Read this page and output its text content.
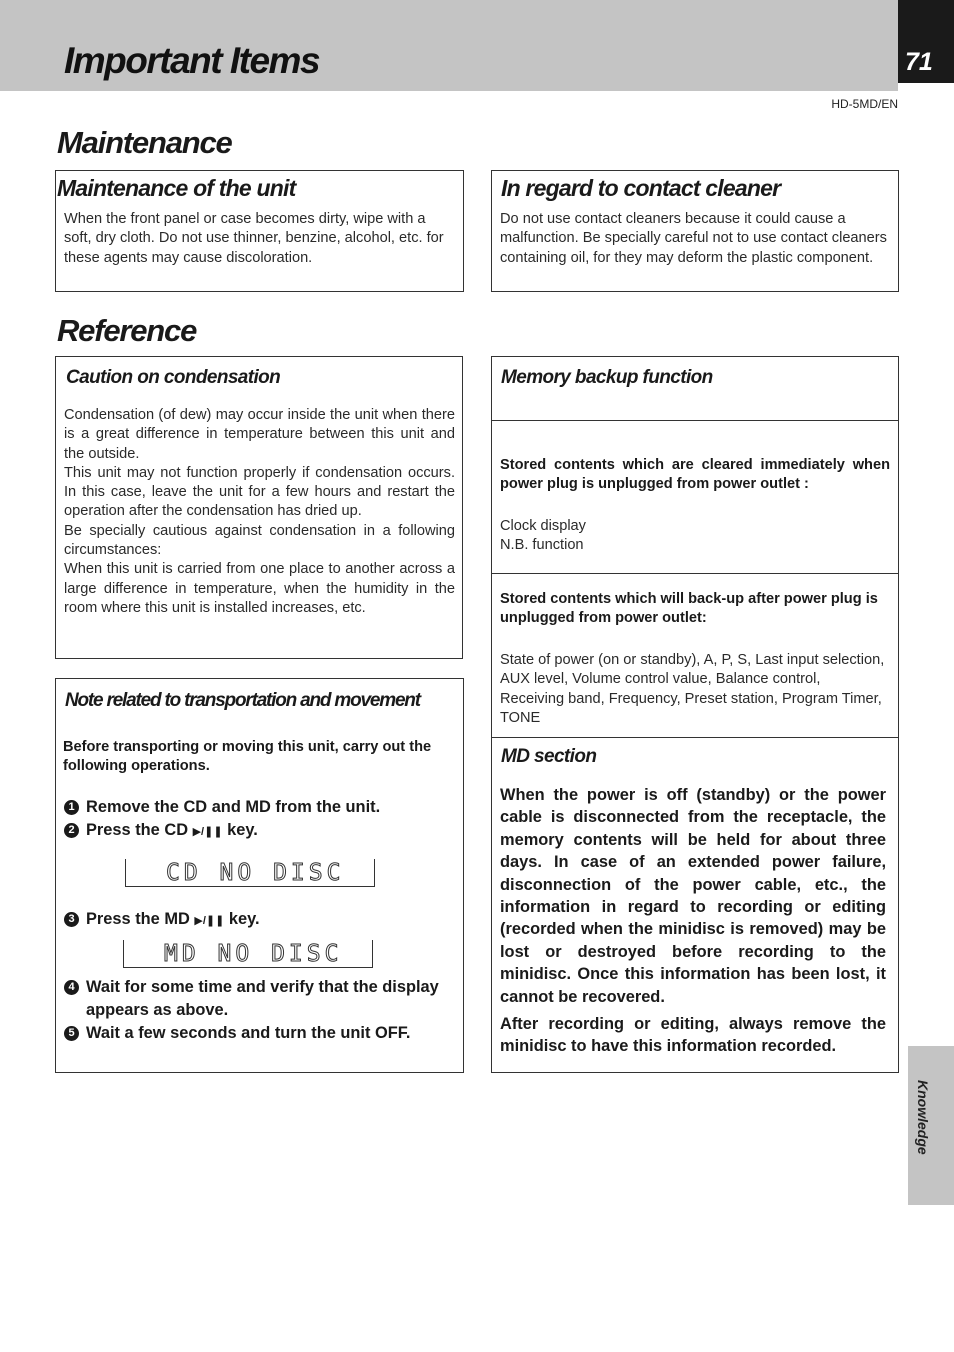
Important Items	71
HD-5MD/EN
Maintenance
Maintenance of the unit

When the front panel or case becomes dirty, wipe with a soft, dry cloth. Do not use thinner, benzine, alcohol, etc. for these agents may cause discoloration.

In regard to contact cleaner

Do not use contact cleaners because it could cause a malfunction. Be specially careful not to use contact cleaners containing oil, for they may deform the plastic component.

Reference
Caution on condensation

Condensation (of dew) may occur inside the unit when there is a great difference in temperature between this unit and the outside.

This unit may not function properly if condensation occurs. In this case, leave the unit for a few hours and restart the operation after the condensation has dried up.

Be specially cautious against condensation in a following circumstances:

When this unit is carried from one place to another across a large difference in temperature, when the humidity in the room where this unit is installed increases, etc.

Note related to transportation and movement

Before transporting or moving this unit, carry out the following operations.

1 Remove the CD and MD from the unit.

2 Press the CD ▶/❚❚ key.

CD NO DISC

3 Press the MD ▶/❚❚ key.

MD NO DISC

4 Wait for some time and verify that the display appears as above.

5 Wait a few seconds and turn the unit OFF.

Memory backup function

Stored contents which are cleared immediately when power plug is unplugged from power outlet :

Clock display

N.B. function

Stored contents which will back-up after power plug is unplugged from power outlet:

State of power (on or standby), A, P, S, Last input selection, AUX level, Volume control value, Balance control, Receiving band, Frequency, Preset station, Program Timer, TONE

MD section

When the power is off (standby) or the power cable is disconnected from the receptacle, the memory contents will be held for about three days. In case of an extended power failure, disconnection of the power cable, etc., the information in regard to recording or editing (recorded when the minidisc is removed) may be lost or destroyed before recording to the minidisc. Once this information has been lost, it cannot be recovered.

After recording or editing, always remove the minidisc to have this information recorded.

Knowledge
